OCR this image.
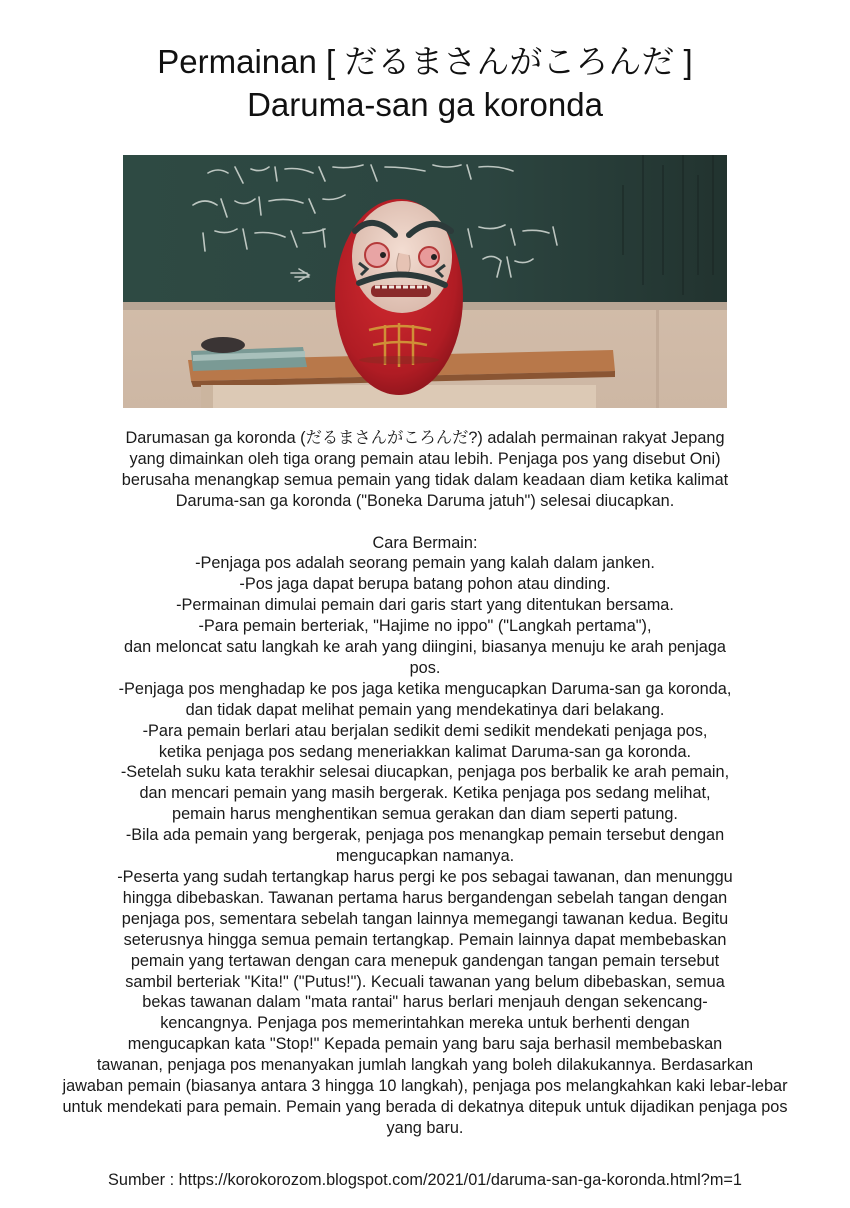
Permainan [ だるまさんがころんだ ]
Daruma-san ga koronda
Darumasan ga koronda (だるまさんがころんだ?) adalah permainan rakyat Jepang
yang dimainkan oleh tiga orang pemain atau lebih. Penjaga pos yang disebut Oni)
berusaha menangkap semua pemain yang tidak dalam keadaan diam ketika kalimat
Daruma-san ga koronda ("Boneka Daruma jatuh") selesai diucapkan.
Cara Bermain:
-Penjaga pos adalah seorang pemain yang kalah dalam janken.
-Pos jaga dapat berupa batang pohon atau dinding.
-Permainan dimulai pemain dari garis start yang ditentukan bersama.
-Para pemain berteriak, "Hajime no ippo" ("Langkah pertama"),
dan meloncat satu langkah ke arah yang diingini, biasanya menuju ke arah penjaga
pos.
-Penjaga pos menghadap ke pos jaga ketika mengucapkan Daruma-san ga koronda,
dan tidak dapat melihat pemain yang mendekatinya dari belakang.
-Para pemain berlari atau berjalan sedikit demi sedikit mendekati penjaga pos,
ketika penjaga pos sedang meneriakkan kalimat Daruma-san ga koronda.
-Setelah suku kata terakhir selesai diucapkan, penjaga pos berbalik ke arah pemain,
dan mencari pemain yang masih bergerak. Ketika penjaga pos sedang melihat,
pemain harus menghentikan semua gerakan dan diam seperti patung.
-Bila ada pemain yang bergerak, penjaga pos menangkap pemain tersebut dengan
mengucapkan namanya.
-Peserta yang sudah tertangkap harus pergi ke pos sebagai tawanan, dan menunggu
hingga dibebaskan. Tawanan pertama harus bergandengan sebelah tangan dengan
penjaga pos, sementara sebelah tangan lainnya memegangi tawanan kedua. Begitu
seterusnya hingga semua pemain tertangkap. Pemain lainnya dapat membebaskan
pemain yang tertawan dengan cara menepuk gandengan tangan pemain tersebut
sambil berteriak "Kita!" ("Putus!"). Kecuali tawanan yang belum dibebaskan, semua
bekas tawanan dalam "mata rantai" harus berlari menjauh dengan sekencang-
kencangnya. Penjaga pos memerintahkan mereka untuk berhenti dengan
mengucapkan kata "Stop!" Kepada pemain yang baru saja berhasil membebaskan
tawanan, penjaga pos menanyakan jumlah langkah yang boleh dilakukannya. Berdasarkan
jawaban pemain (biasanya antara 3 hingga 10 langkah), penjaga pos melangkahkan kaki lebar-lebar
untuk mendekati para pemain. Pemain yang berada di dekatnya ditepuk untuk dijadikan penjaga pos
yang baru.
Sumber : https://korokorozom.blogspot.com/2021/01/daruma-san-ga-koronda.html?m=1
